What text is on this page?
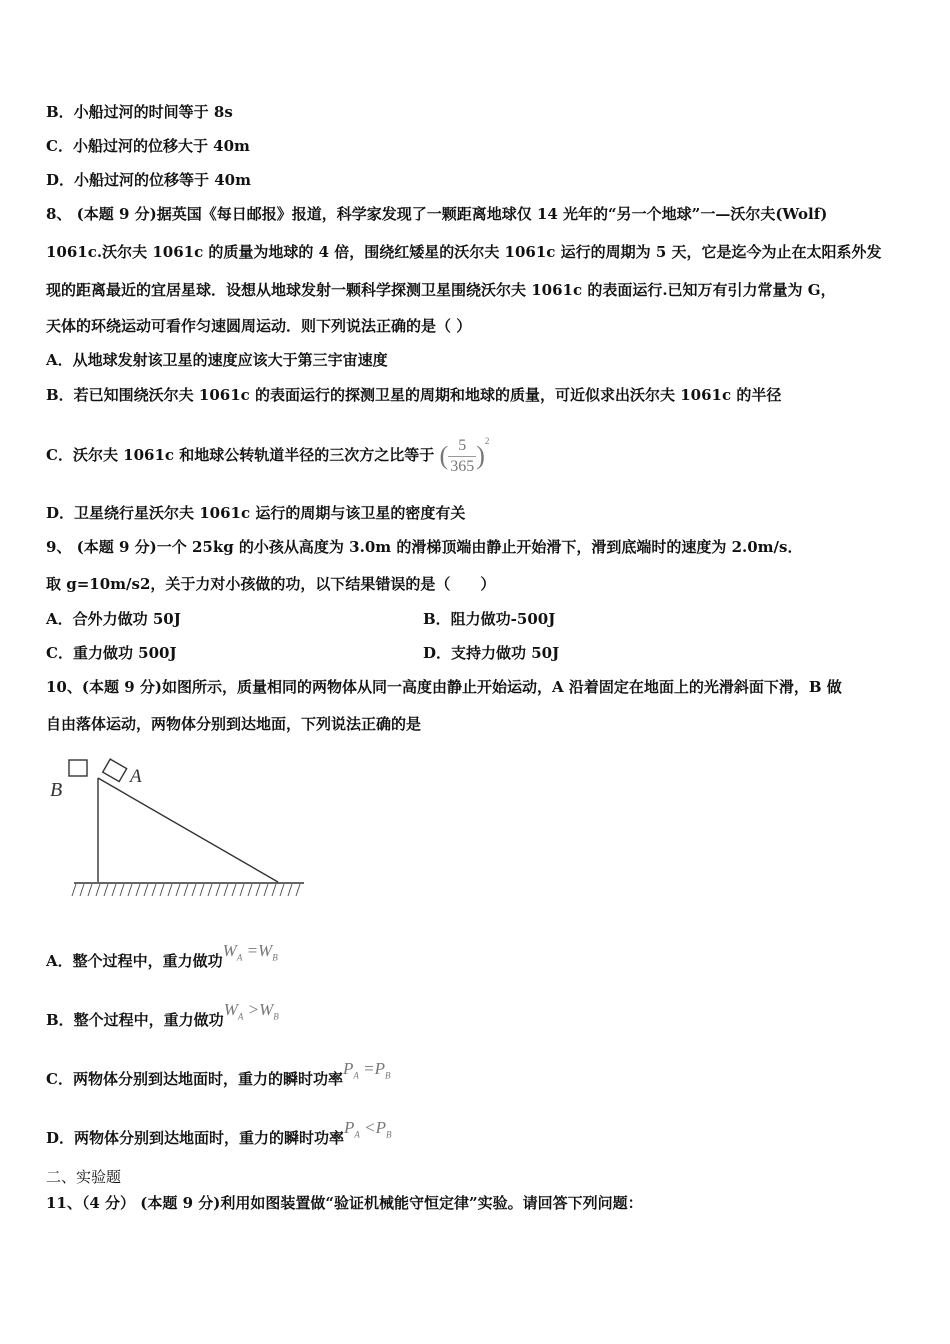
B．小船过河的时间等于 8s
C．小船过河的位移大于 40m
D．小船过河的位移等于 40m
8、 (本题 9 分)据英国《每日邮报》报道，科学家发现了一颗距离地球仅 14 光年的“另一个地球”一—沃尔夫(Wolf)
1061c.沃尔夫 1061c 的质量为地球的 4 倍，围绕红矮星的沃尔夫 1061c 运行的周期为 5 天，它是迄今为止在太阳系外发
现的距离最近的宜居星球．设想从地球发射一颗科学探测卫星围绕沃尔夫 1061c 的表面运行.已知万有引力常量为 G，
天体的环绕运动可看作匀速圆周运动．则下列说法正确的是（ ）
A．从地球发射该卫星的速度应该大于第三宇宙速度
B．若已知围绕沃尔夫 1061c 的表面运行的探测卫星的周期和地球的质量，可近似求出沃尔夫 1061c 的半径
C．沃尔夫 1061c 和地球公转轨道半径的三次方之比等于 ( $\frac{5}{365} )^2$
D．卫星绕行星沃尔夫 1061c 运行的周期与该卫星的密度有关
9、 (本题 9 分)一个 25kg 的小孩从高度为 3.0m 的滑梯顶端由静止开始滑下，滑到底端时的速度为 2.0m/s．
取 g=10m/s2，关于力对小孩做的功，以下结果错误的是（　　）
A．合外力做功 50J	B．阻力做功-500J
C．重力做功 500J	D．支持力做功 50J
10、(本题 9 分)如图所示，质量相同的两物体从同一高度由静止开始运动，A 沿着固定在地面上的光滑斜面下滑，B 做
自由落体运动，两物体分别到达地面，下列说法正确的是
B
A
A．整个过程中，重力做功$W_A =W_B$
B．整个过程中，重力做功$W_A >W_B$
C．两物体分别到达地面时，重力的瞬时功率$P_A =P_B$
D．两物体分别到达地面时，重力的瞬时功率$P_A <P_B$
二、实验题
11、（4 分） (本题 9 分)利用如图装置做“验证机械能守恒定律”实验。请回答下列问题：
